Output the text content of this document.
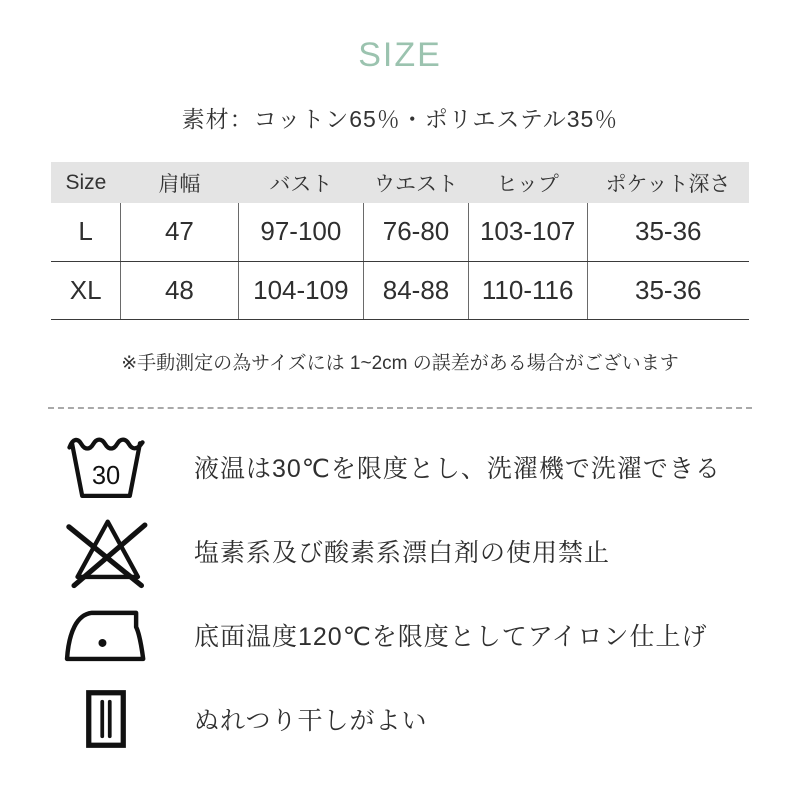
SIZE

素材：コットン65％・ポリエステル35％

Size	肩幅	バスト	ウエスト	ヒップ	ポケット深さ
L	47	97-100	76-80	103-107	35-36
XL	48	104-109	84-88	110-116	35-36

※手動測定の為サイズには 1~2cm の誤差がある場合がございます

30	液温は30℃を限度とし、洗濯機で洗濯できる
塩素系及び酸素系漂白剤の使用禁止
底面温度120℃を限度としてアイロン仕上げ
ぬれつり干しがよい
